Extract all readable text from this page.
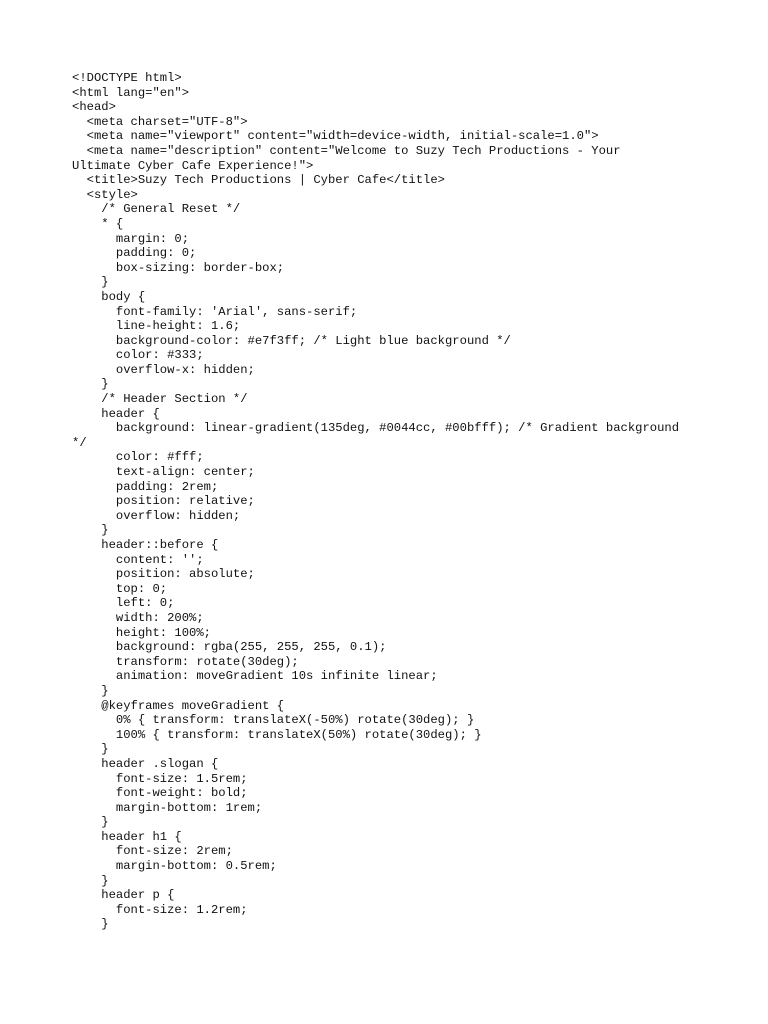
<!DOCTYPE html>
<html lang="en">
<head>
<meta charset="UTF-8">
<meta name="viewport" content="width=device-width, initial-scale=1.0">
<meta name="description" content="Welcome to Suzy Tech Productions - Your
Ultimate Cyber Cafe Experience!">
<title>Suzy Tech Productions | Cyber Cafe</title>
<style>
/* General Reset */
* {
margin: 0;
padding: 0;
box-sizing: border-box;
}
body {
font-family: 'Arial', sans-serif;
line-height: 1.6;
background-color: #e7f3ff; /* Light blue background */
color: #333;
overflow-x: hidden;
}
/* Header Section */
header {
background: linear-gradient(135deg, #0044cc, #00bfff); /* Gradient background
*/
color: #fff;
text-align: center;
padding: 2rem;
position: relative;
overflow: hidden;
}
header::before {
content: '';
position: absolute;
top: 0;
left: 0;
width: 200%;
height: 100%;
background: rgba(255, 255, 255, 0.1);
transform: rotate(30deg);
animation: moveGradient 10s infinite linear;
}
@keyframes moveGradient {
0% { transform: translateX(-50%) rotate(30deg); }
100% { transform: translateX(50%) rotate(30deg); }
}
header .slogan {
font-size: 1.5rem;
font-weight: bold;
margin-bottom: 1rem;
}
header h1 {
font-size: 2rem;
margin-bottom: 0.5rem;
}
header p {
font-size: 1.2rem;
}
